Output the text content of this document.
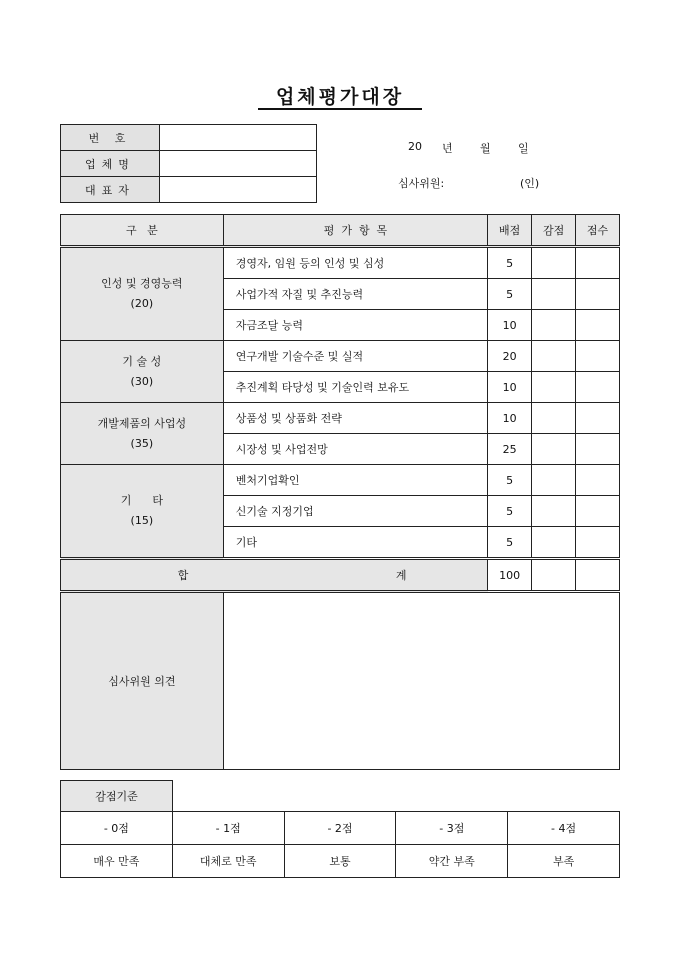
업체평가대장
번 호	
업체명	
대표자	
20 년 월 일
심사위원:	(인)
구   분	평  가  항  목	배점	감점	점수

인성 및 경영능력
(20)	경영자, 임원 등의 인성 및 심성	5		
	사업가적 자질 및 추진능력	5		
	자금조달 능력	10		

기 술 성
(30)	연구개발 기술수준 및 실적	20		
	추진계획 타당성 및 기술인력 보유도	10		

개발제품의 사업성
(35)	상품성 및 상품화 전략	10		
	시장성 및 사업전망	25		

기      타
(15)	벤처기업확인	5		
	신기술 지정기업	5		
	기타	5		
합 계		100		
심사위원 의견				
감점기준
- 0점	- 1점	- 2점	- 3점	- 4점
매우 만족	대체로 만족	보통	약간 부족	부족
